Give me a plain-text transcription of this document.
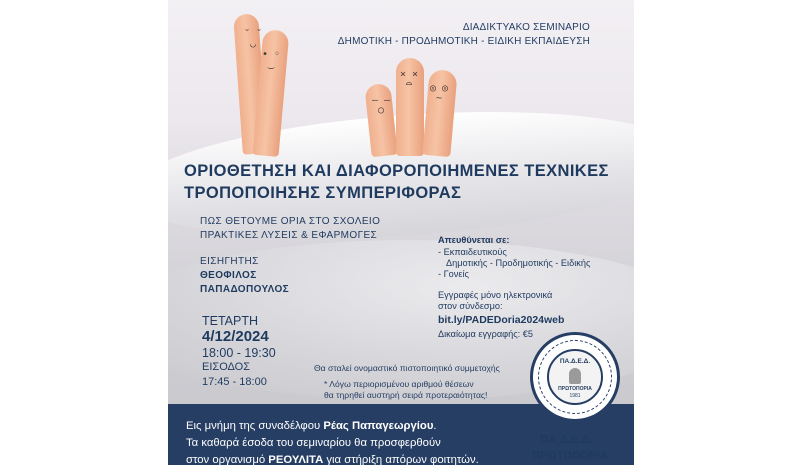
˘ ˘
◡
• ◦
‿
– –
○
× ×
⌓	◎ ◎
~

ΔΙΑΔΙΚΤΥΑΚΟ ΣΕΜΙΝΑΡΙΟ

ΔΗΜΟΤΙΚΗ - ΠΡΟΔΗΜΟΤΙΚΗ - ΕΙΔΙΚΗ ΕΚΠΑΙΔΕΥΣΗ

ΟΡΙΟΘΕΤΗΣΗ ΚΑΙ ΔΙΑΦΟΡΟΠΟΙΗΜΕΝΕΣ ΤΕΧΝΙΚΕΣ
ΤΡΟΠΟΠΟΙΗΣΗΣ ΣΥΜΠΕΡΙΦΟΡΑΣ

ΠΩΣ ΘΕΤΟΥΜΕ ΟΡΙΑ ΣΤΟ ΣΧΟΛΕΙΟ

ΠΡΑΚΤΙΚΕΣ ΛΥΣΕΙΣ & ΕΦΑΡΜΟΓΕΣ

ΕΙΣΗΓΗΤΗΣ

ΘΕΟΦΙΛΟΣ

ΠΑΠΑΔΟΠΟΥΛΟΣ

ΤΕΤΑΡΤΗ

4/12/2024

18:00 - 19:30

ΕΙΣΟΔΟΣ

17:45 - 18:00

Απευθύνεται σε:

- Εκπαιδευτικούς

Δημοτικής - Προδημοτικής - Ειδικής

- Γονείς

Εγγραφές μόνο ηλεκτρονικά

στον σύνδεσμο:

bit.ly/PADEDoria2024web

Δικαίωμα εγγραφής: €5

Θα σταλεί ονομαστικό πιστοποιητικό συμμετοχής

* Λόγω περιορισμένου αριθμού θέσεων

θα τηρηθεί αυστηρή σειρά προτεραιότητας!

Εις μνήμη της συναδέλφου Ρέας Παπαγεωργίου.

Τα καθαρά έσοδα του σεμιναρίου θα προσφερθούν

στον οργανισμό ΡΕΟΥΛΙΤΑ για στήριξη απόρων φοιτητών.

ΠΑ.Δ.Ε.Δ.
ΠΡΩΤΟΠΟΡΙΑ
1981

ΠΑ.Δ.Ε.Δ.

ΠΡΩΤΟΠΟΡΙΑ
